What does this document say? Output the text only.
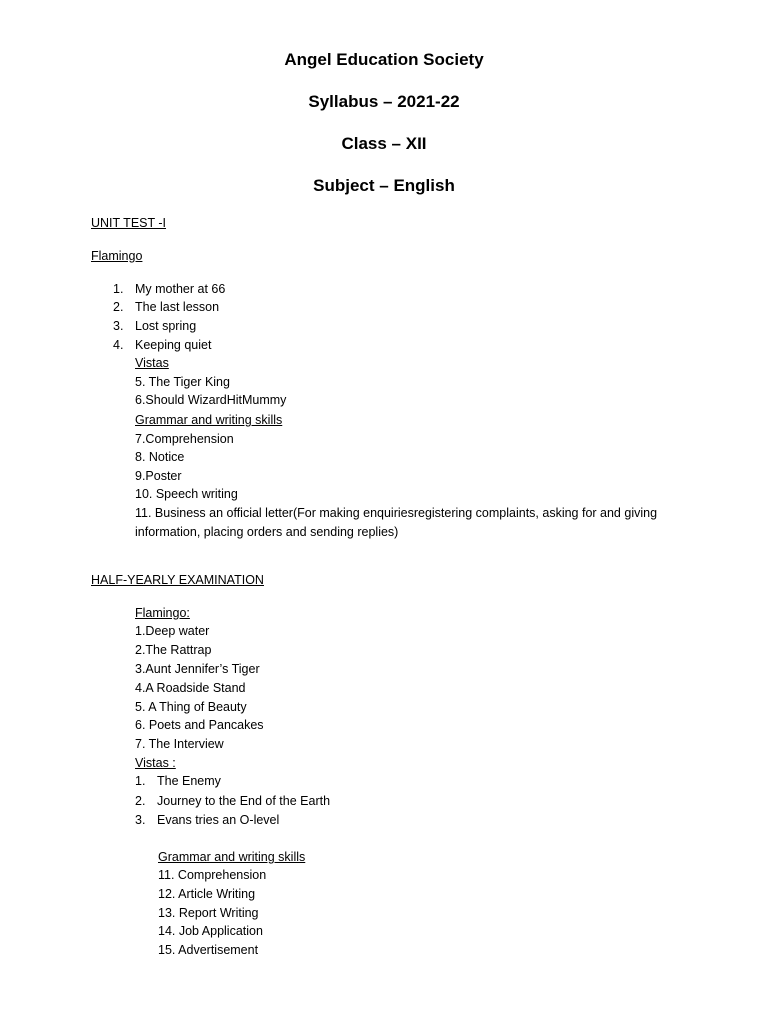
Angel Education Society
Syllabus – 2021-22
Class – XII
Subject – English
UNIT TEST -I
Flamingo
1. My mother at 66
2. The last lesson
3. Lost spring
4. Keeping quiet
Vistas
5. The Tiger King
6.Should WizardHitMummy
Grammar and writing skills
7.Comprehension
8. Notice
9.Poster
10. Speech writing
11. Business an official letter(For making enquiriesregistering complaints, asking for and giving information, placing orders and sending replies)
HALF-YEARLY EXAMINATION
Flamingo:
1.Deep water
2.The Rattrap
3.Aunt Jennifer’s Tiger
4.A Roadside Stand
5. A Thing of Beauty
6. Poets and Pancakes
7. The Interview
Vistas :
1. The Enemy
2. Journey to the End of the Earth
3. Evans tries an O-level
Grammar and writing skills
11. Comprehension
12. Article Writing
13. Report Writing
14. Job Application
15. Advertisement
